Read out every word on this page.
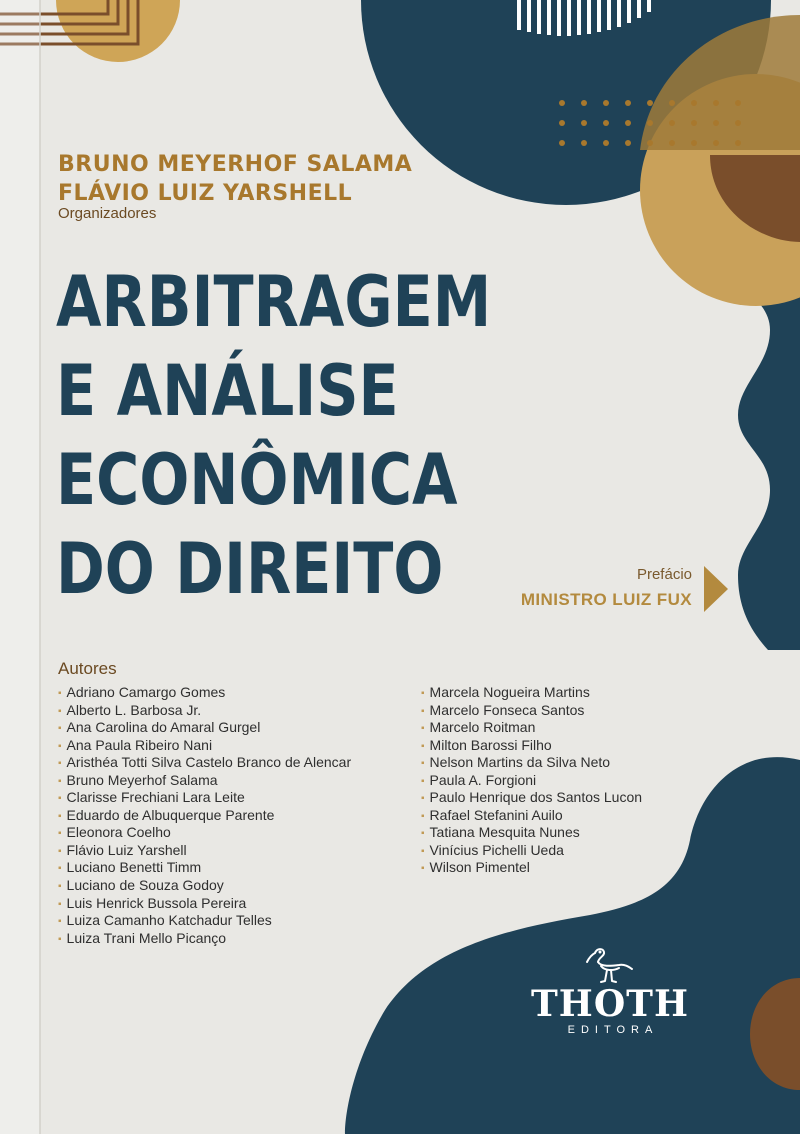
BRUNO MEYERHOF SALAMA
FLÁVIO LUIZ YARSHELL
Organizadores
ARBITRAGEM
E ANÁLISE
ECONÔMICA
DO DIREITO	Prefácio
MINISTRO LUIZ FUX
Autores
▪ Adriano Camargo Gomes
▪ Alberto L. Barbosa Jr.
▪ Ana Carolina do Amaral Gurgel
▪ Ana Paula Ribeiro Nani
▪ Aristhéa Totti Silva Castelo Branco de Alencar
▪ Bruno Meyerhof Salama
▪ Clarisse Frechiani Lara Leite
▪ Eduardo de Albuquerque Parente
▪ Eleonora Coelho
▪ Flávio Luiz Yarshell
▪ Luciano Benetti Timm
▪ Luciano de Souza Godoy
▪ Luis Henrick Bussola Pereira
▪ Luiza Camanho Katchadur Telles
▪ Luiza Trani Mello Picanço
▪ Marcela Nogueira Martins
▪ Marcelo Fonseca Santos
▪ Marcelo Roitman
▪ Milton Barossi Filho
▪ Nelson Martins da Silva Neto
▪ Paula A. Forgioni
▪ Paulo Henrique dos Santos Lucon
▪ Rafael Stefanini Auilo
▪ Tatiana Mesquita Nunes
▪ Vinícius Pichelli Ueda
▪ Wilson Pimentel
THOTH
EDITORA
